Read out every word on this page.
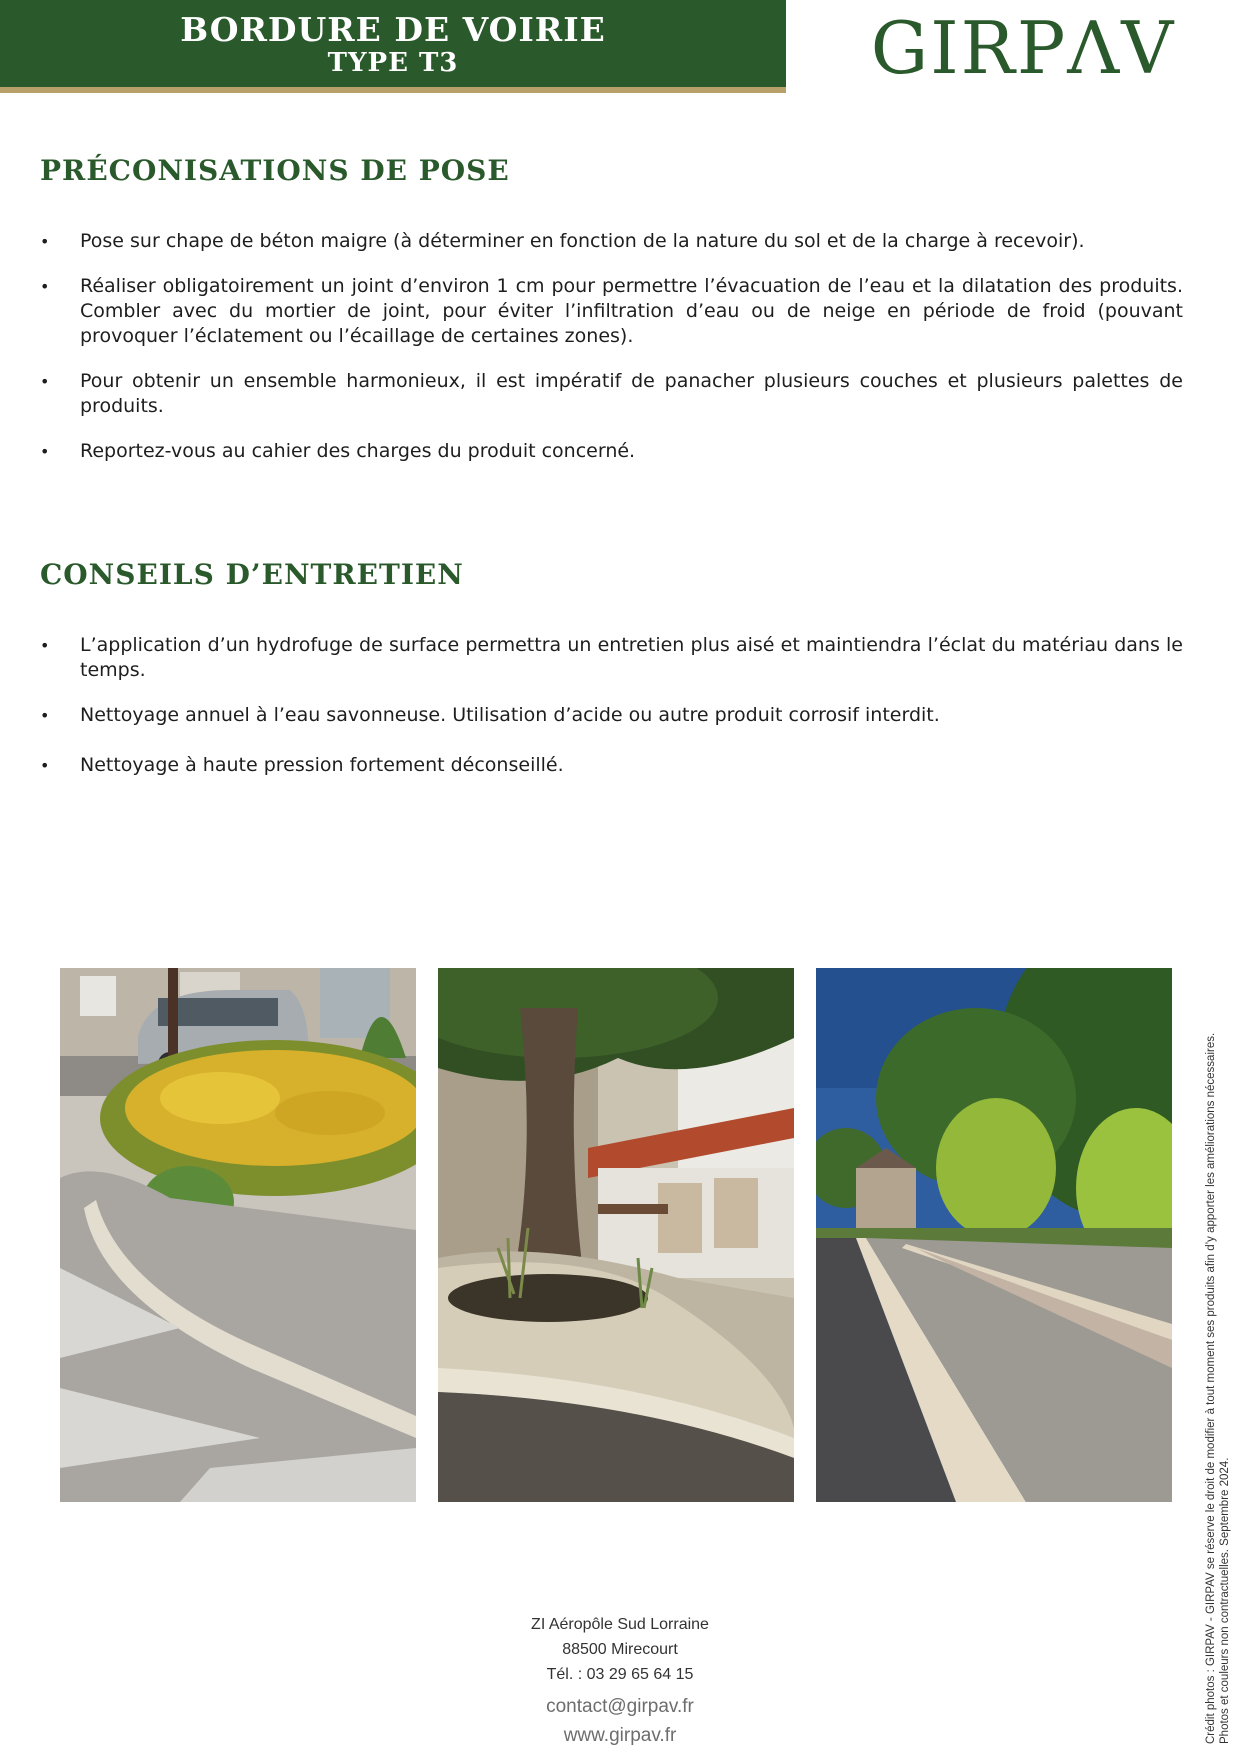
BORDURE DE VOIRIE
TYPE T3	GIRPΛV
PRÉCONISATIONS DE POSE
• Pose sur chape de béton maigre (à déterminer en fonction de la nature du sol et de la charge à recevoir).
• Réaliser obligatoirement un joint d’environ 1 cm pour permettre l’évacuation de l’eau et la dilatation des produits. Combler avec du mortier de joint, pour éviter l’infiltration d’eau ou de neige en période de froid (pouvant provoquer l’éclatement ou l’écaillage de certaines zones).
• Pour obtenir un ensemble harmonieux, il est impératif de panacher plusieurs couches et plusieurs palettes de produits.
• Reportez-vous au cahier des charges du produit concerné.
CONSEILS D’ENTRETIEN
• L’application d’un hydrofuge de surface permettra un entretien plus aisé et maintiendra l’éclat du matériau dans le temps.
• Nettoyage annuel à l’eau savonneuse. Utilisation d’acide ou autre produit corrosif interdit.
• Nettoyage à haute pression fortement déconseillé.
ZI Aéropôle Sud Lorraine
88500 Mirecourt
Tél. : 03 29 65 64 15
contact@girpav.fr
www.girpav.fr	Crédit photos : GIRPAV - GIRPAV se réserve le droit de modifier à tout moment ses produits afin d’y apporter les améliorations nécessaires. Photos et couleurs non contractuelles. Septembre 2024.
